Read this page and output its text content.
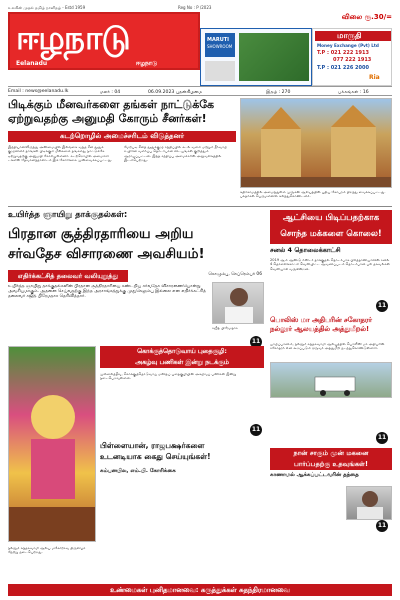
உலகின் முதல் தமிழ் நாளிதழ் - Estd 1959	Reg No : P /2023
விலை ரூ.30/=
ஈழநாடு
Eelanadu	ஈழநாடு
MARUTI
SHOWROOM
மாருதி
Money Exchange (Pvt) Ltd
T.P : 021 222 1913
077 222 1913
T.P : 021 226 2000
Ria
Email : news@eelanadu.lk	மலர் : 04	06.09.2023 புதன்கிழமை	இதழ் : 270	பக்கங்கள் : 16
பிடிக்கும் மீனவர்களை தங்கள் நாட்டுக்கே
ஏற்றுவதற்கு அனுமதி கோரும் சீனர்கள்!
கடற்றொழில் அமைச்சரிடம் விடுத்தனர்

இந்தியாவிலிருந்து அண்மையில் இலங்கை வந்த சீன தூதுக் குழுவினர் தாங்கள் பிடிக்கும் மீன்களை தங்களது நாட்டுக்கே ஏற்றுவதற்கு அனுமதி கோரியுள்ளனர். கடற்றொழில் அமைச்சர் டக்ளஸ் தேவானந்தாவிடம் இக் கோரிக்கை முன்வைக்கப்பட்டது.

மேற்படி சீனத் தூதுக்குழு சந்திப்பில் கடல் வளம் மற்றும் நீர்வாழ் உயிரின வளர்ப்பு தொடர்பான விடயங்கள் குறித்தும் ஆராயப்பட்டன. இந்த சந்திப்பு அமைச்சரின் அலுவலகத்தில் இடம்பெற்றது.

கதிர்காமத்தில் அமைந்துள்ள முருகன் ஆலயத்தின் புதிய கோபுரம் திறந்து வைக்கப்பட்டது. பக்தர்கள் பெருமளவில் கலந்துகொண்டனர்.
உயிர்த்த ஞாயிறு தாக்குதல்கள்:
பிரதான சூத்திரதாரியை அறிய
சர்வதேச விசாரணை அவசியம்!
எதிர்க்கட்சித் தலைவர் வலியுறுத்து	கொழும்பு, செப்ரெம்பர் 06
உயிர்த்த ஞாயிறு தாக்குதல்களின் பிரதான சூத்திரதாரியை கண்டறிய சர்வதேச விசாரணையொன்று அவசியமாகும். அதனை செய்வதற்கு இந்த அரசாங்கத்துக்கு முதுகெலும்பு இல்லை என எதிர்க்கட்சித் தலைவர் சஜித் பிரேமதாச தெரிவித்தார்.
சஜித் பிரேமதாச
11
ஆட்சியை பிடிப்பதற்காக
சொந்த மக்களை கொலை!
சனல் 4 தொலைக்காட்சி
2019 ஆம் ஆண்டு ஈஸ்டர் தாக்குதல் தொடர்பாக பிரித்தானியாவின் சனல் 4 தொலைக்காட்சி வெளியிட்ட ஆவணப்படம் தொடர்பான பல தகவல்கள் வெளியாகி வருகின்றன.
11
பொலிஸ் மா அதிபரின் சகோதரர் நல்லூர் ஆலயத்தில் அத்துமீறல்!
யாழ்ப்பாணம், நல்லூர் கந்தசுவாமி ஆலயத்தில் பொலிஸ் மா அதிபரின் சகோதரர் என கூறப்படும் ஒருவர் அத்துமீறி நடந்துகொண்டுள்ளார்.
11
நான் சாகும் முன் மகனை
பார்ப்பதற்கு உதவுங்கள்!
காணாமல் ஆக்கப்பட்டவரின் தந்தை
11
நல்லூர் கந்தசுவாமி ஆலய மகோற்சவ திருவிழா நேற்று நடைபெற்றது.
கொக்குத்தொடுவாய் புதைகுழி:
அகழ்வு பணிகள் இன்று நடக்கும்
முல்லைத்தீவு, கொக்குத்தொடுவாய் மனிதப் புதைகுழியின் அகழ்வுப் பணிகள் இன்று நடைபெறவுள்ளன.
11
பிள்ளையான், ராஜபக்ஷர்களை
உடனடியாக கைது செய்யுங்கள்!
கம்பனபில, எம்.பி. கோரிக்கை
உண்மைகள் புனிதமானவை: கருத்துக்கள் சுதந்திரமானவை
